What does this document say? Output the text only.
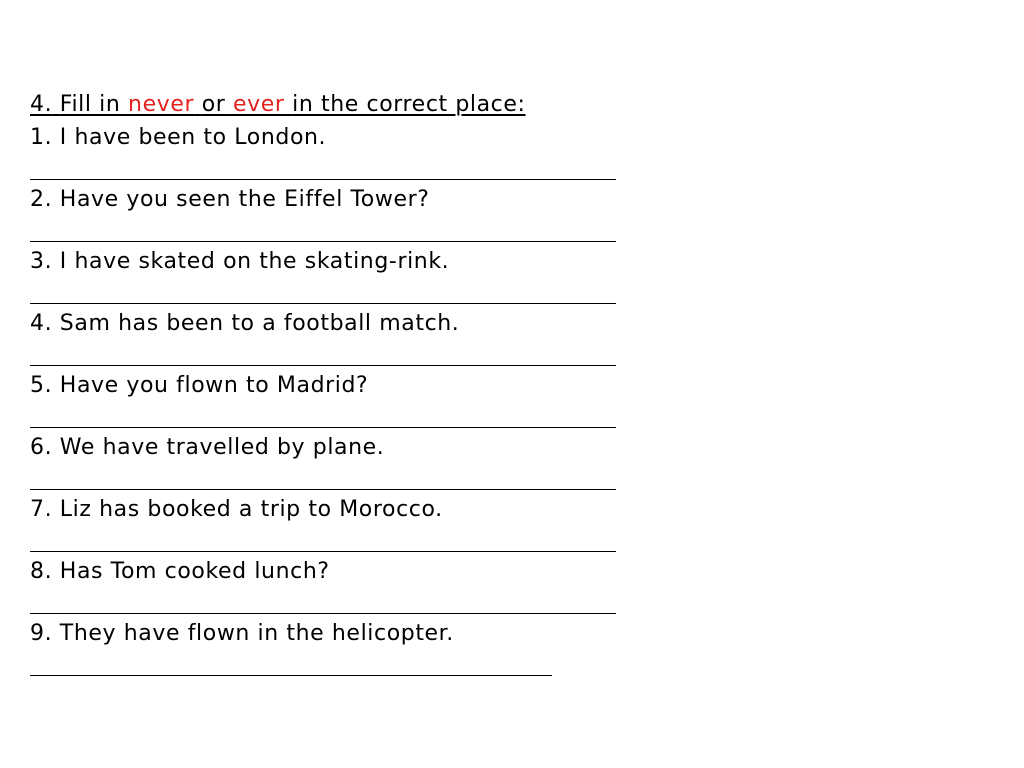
4. Fill in never or ever in the correct place:
1. I have been to London.
2. Have you seen the Eiffel Tower?
3. I have skated on the skating-rink.
4. Sam has been to a football match.
5. Have you flown to Madrid?
6. We have travelled by plane.
7. Liz has booked a trip to Morocco.
8. Has Tom cooked lunch?
9. They have flown in the helicopter.
